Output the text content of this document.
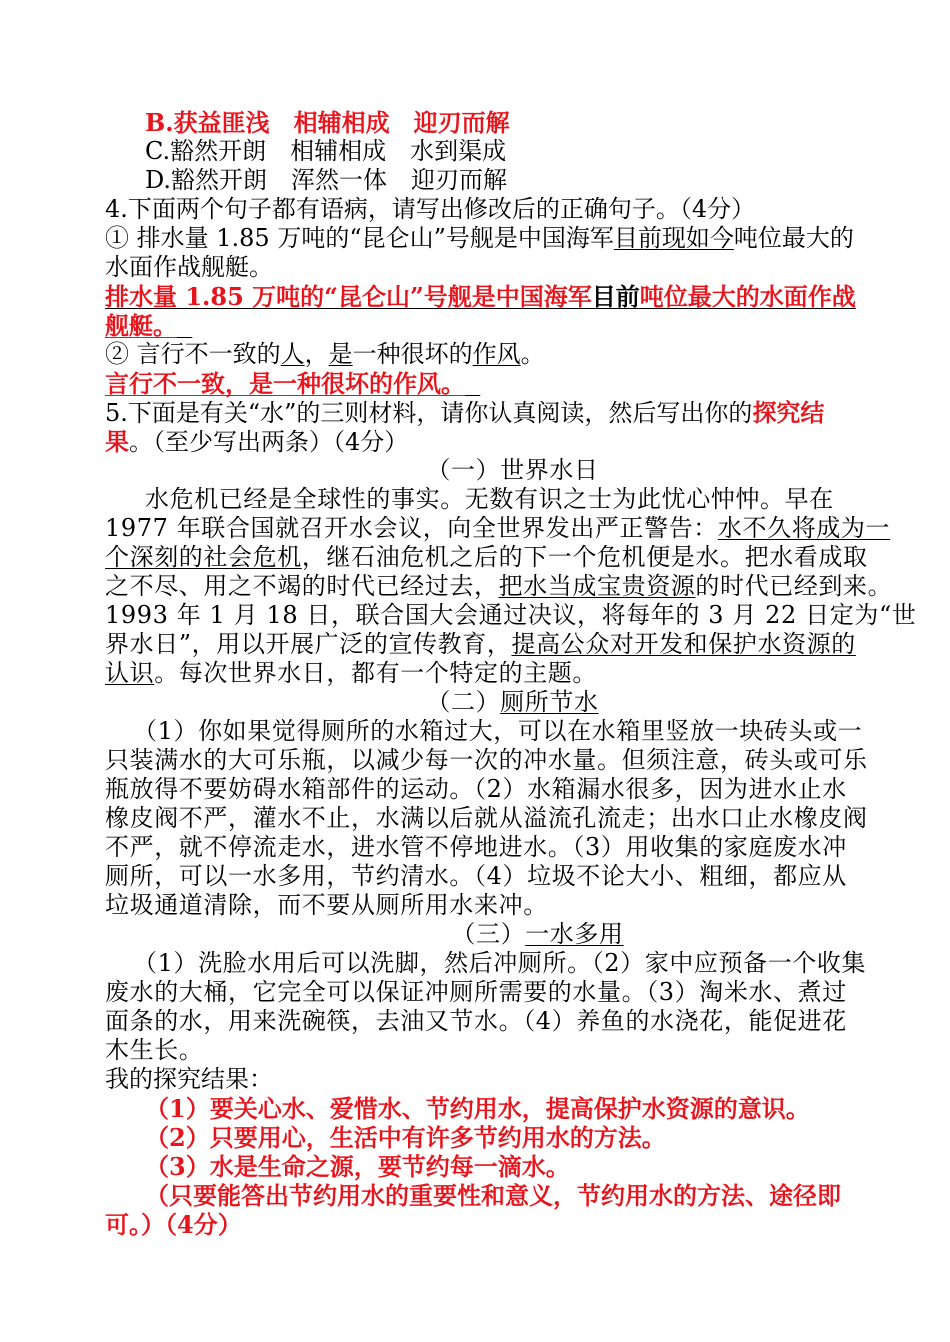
B.获益匪浅　相辅相成　迎刃而解
C.豁然开朗　相辅相成　水到渠成
D.豁然开朗　浑然一体　迎刃而解
4.下面两个句子都有语病，请写出修改后的正确句子。（4分）
① 排水量 1.85 万吨的“昆仑山”号舰是中国海军目前现如今吨位最大的
水面作战舰艇。
排水量 1.85 万吨的“昆仑山”号舰是中国海军目前吨位最大的水面作战
舰艇。
② 言行不一致的人，是一种很坏的作风。
言行不一致，是一种很坏的作风。
5.下面是有关“水”的三则材料，请你认真阅读，然后写出你的探究结
果。（至少写出两条）（4分）
（一）世界水日
水危机已经是全球性的事实。无数有识之士为此忧心忡忡。早在
1977 年联合国就召开水会议，向全世界发出严正警告：水不久将成为一
个深刻的社会危机，继石油危机之后的下一个危机便是水。把水看成取
之不尽、用之不竭的时代已经过去，把水当成宝贵资源的时代已经到来。
1993 年 1 月 18 日，联合国大会通过决议，将每年的 3 月 22 日定为“世
界水日”，用以开展广泛的宣传教育，提高公众对开发和保护水资源的
认识。每次世界水日，都有一个特定的主题。
（二）厕所节水
（1）你如果觉得厕所的水箱过大，可以在水箱里竖放一块砖头或一
只装满水的大可乐瓶，以减少每一次的冲水量。但须注意，砖头或可乐
瓶放得不要妨碍水箱部件的运动。（2）水箱漏水很多，因为进水止水
橡皮阀不严，灌水不止，水满以后就从溢流孔流走；出水口止水橡皮阀
不严，就不停流走水，进水管不停地进水。（3）用收集的家庭废水冲
厕所，可以一水多用，节约清水。（4）垃圾不论大小、粗细，都应从
垃圾通道清除，而不要从厕所用水来冲。
（三）一水多用
（1）洗脸水用后可以洗脚，然后冲厕所。（2）家中应预备一个收集
废水的大桶，它完全可以保证冲厕所需要的水量。（3）淘米水、煮过
面条的水，用来洗碗筷，去油又节水。（4）养鱼的水浇花，能促进花
木生长。
我的探究结果：
（1）要关心水、爱惜水、节约用水，提高保护水资源的意识。
（2）只要用心，生活中有许多节约用水的方法。
（3）水是生命之源，要节约每一滴水。
（只要能答出节约用水的重要性和意义，节约用水的方法、途径即
可。）（4分）
